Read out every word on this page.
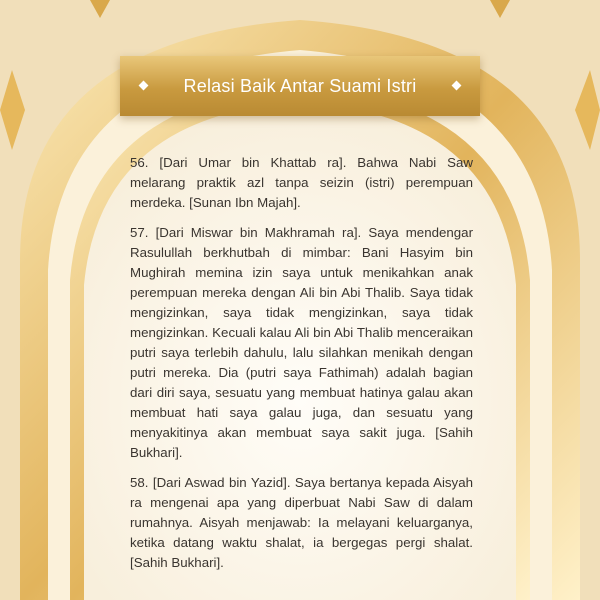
Relasi Baik Antar Suami Istri

56. [Dari Umar bin Khattab ra]. Bahwa Nabi Saw melarang praktik azl tanpa seizin (istri) perempuan merdeka. [Sunan Ibn Majah].

57. [Dari Miswar bin Makhramah ra]. Saya mendengar Rasulullah berkhutbah di mimbar: Bani Hasyim bin Mughirah memina izin saya untuk menikahkan anak perempuan mereka dengan Ali bin Abi Thalib. Saya tidak mengizinkan, saya tidak mengizinkan, saya tidak mengizinkan. Kecuali kalau Ali bin Abi Thalib menceraikan putri saya terlebih dahulu, lalu silahkan menikah dengan putri mereka. Dia (putri saya Fathimah) adalah bagian dari diri saya, sesuatu yang membuat hatinya galau akan membuat hati saya galau juga, dan sesuatu yang menyakitinya akan membuat saya sakit juga. [Sahih Bukhari].

58. [Dari Aswad bin Yazid]. Saya bertanya kepada Aisyah ra mengenai apa yang diperbuat Nabi Saw di dalam rumahnya. Aisyah menjawab: Ia melayani keluarganya, ketika datang waktu shalat, ia bergegas pergi shalat. [Sahih Bukhari].
